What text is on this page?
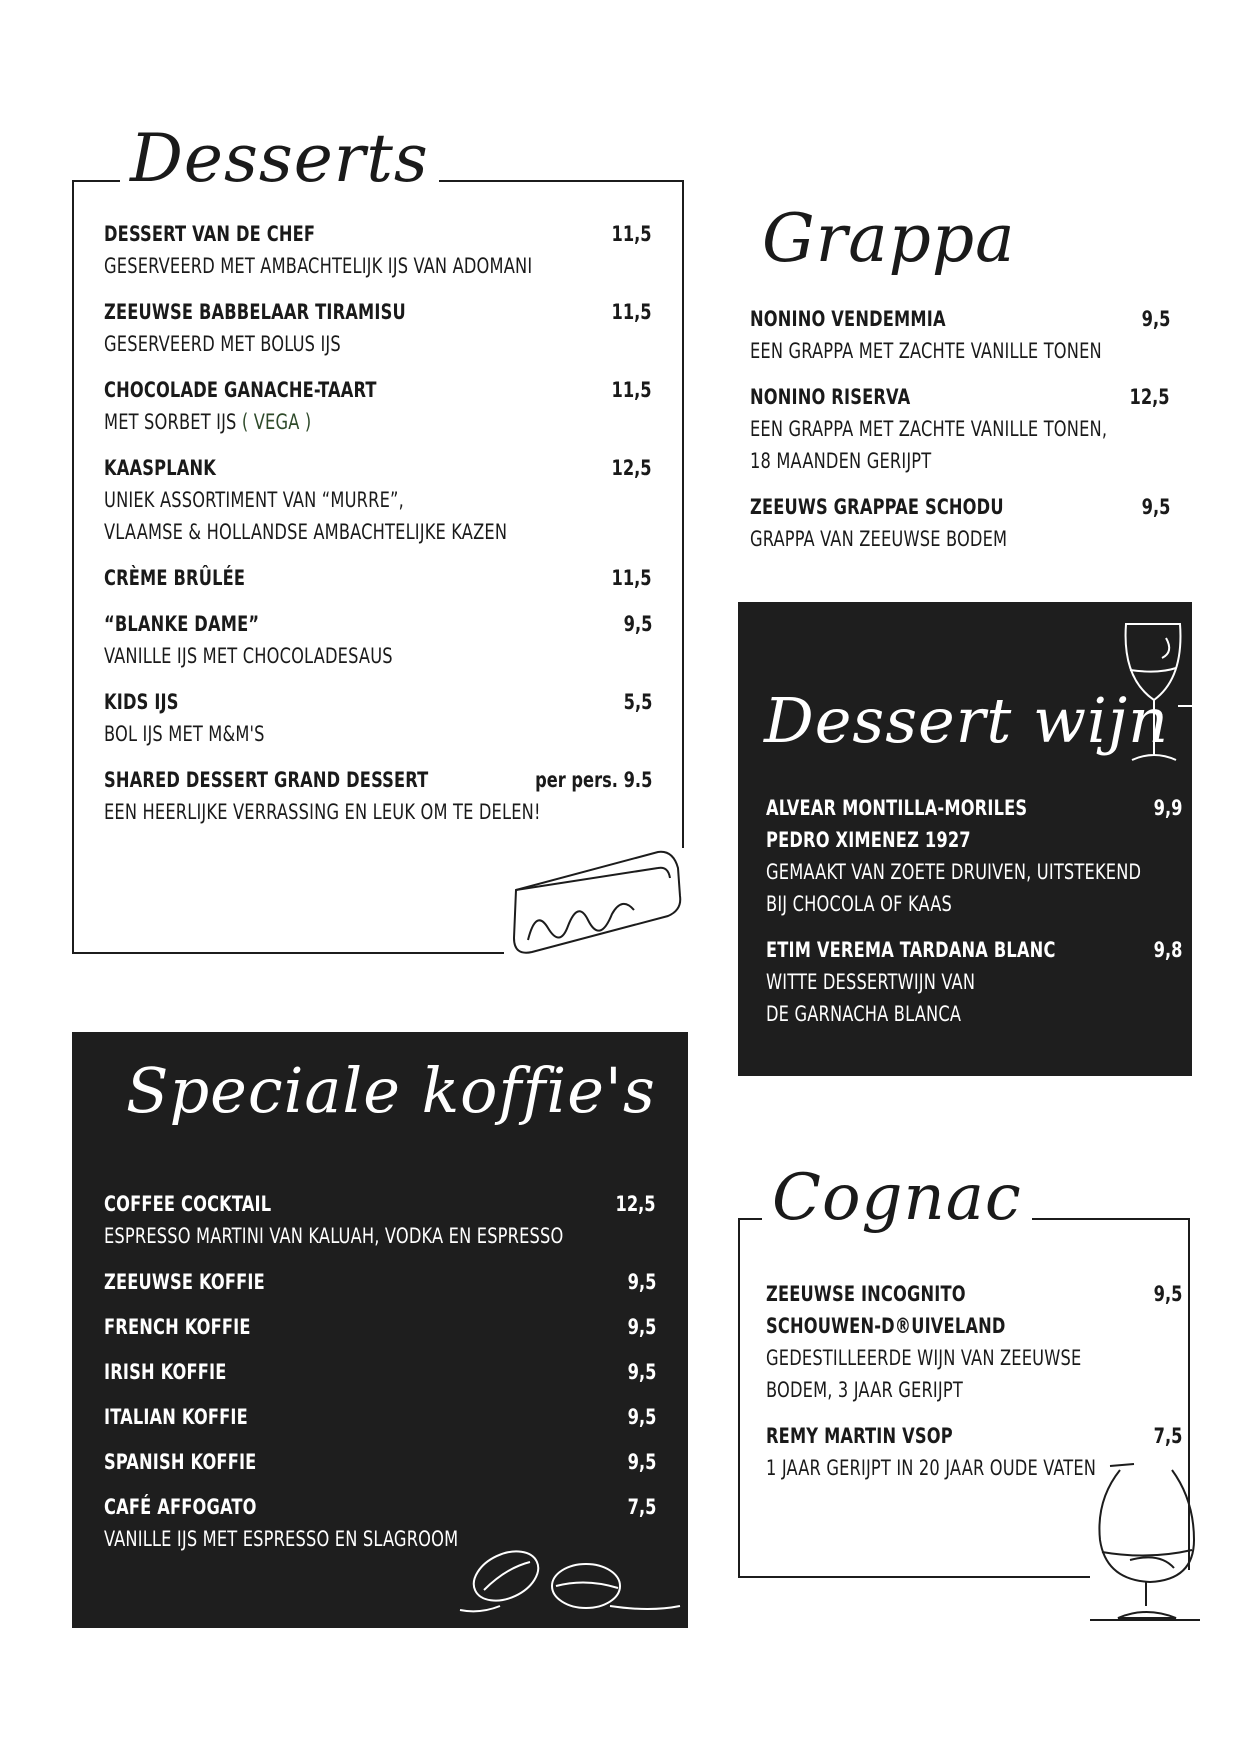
Desserts
DESSERT VAN DE CHEF	11,5
GESERVEERD MET AMBACHTELIJK IJS VAN ADOMANI
ZEEUWSE BABBELAAR TIRAMISU	11,5
GESERVEERD MET BOLUS IJS
CHOCOLADE GANACHE-TAART	11,5
MET SORBET IJS ( VEGA )
KAASPLANK	12,5
UNIEK ASSORTIMENT VAN “MURRE”,
VLAAMSE & HOLLANDSE AMBACHTELIJKE KAZEN
CRÈME BRÛLÉE	11,5
“BLANKE DAME”	9,5
VANILLE IJS MET CHOCOLADESAUS
KIDS IJS	5,5
BOL IJS MET M&M'S
SHARED DESSERT GRAND DESSERT	per pers. 9.5
EEN HEERLIJKE VERRASSING EN LEUK OM TE DELEN!
Grappa
NONINO VENDEMMIA	9,5
EEN GRAPPA MET ZACHTE VANILLE TONEN
NONINO RISERVA	12,5
EEN GRAPPA MET ZACHTE VANILLE TONEN,
18 MAANDEN GERIJPT
ZEEUWS GRAPPAE SCHODU	9,5
GRAPPA VAN ZEEUWSE BODEM
Dessert wijn
ALVEAR MONTILLA-MORILES	9,9
PEDRO XIMENEZ 1927
GEMAAKT VAN ZOETE DRUIVEN, UITSTEKEND
BIJ CHOCOLA OF KAAS
ETIM VEREMA TARDANA BLANC	9,8
WITTE DESSERTWIJN VAN
DE GARNACHA BLANCA
Speciale koffie's
COFFEE COCKTAIL	12,5
ESPRESSO MARTINI VAN KALUAH, VODKA EN ESPRESSO
ZEEUWSE KOFFIE	9,5
FRENCH KOFFIE	9,5
IRISH KOFFIE	9,5
ITALIAN KOFFIE	9,5
SPANISH KOFFIE	9,5
CAFÉ AFFOGATO	7,5
VANILLE IJS MET ESPRESSO EN SLAGROOM
Cognac
ZEEUWSE INCOGNITO	9,5
SCHOUWEN-D®UIVELAND
GEDESTILLEERDE WIJN VAN ZEEUWSE
BODEM, 3 JAAR GERIJPT
REMY MARTIN VSOP	7,5
1 JAAR GERIJPT IN 20 JAAR OUDE VATEN
